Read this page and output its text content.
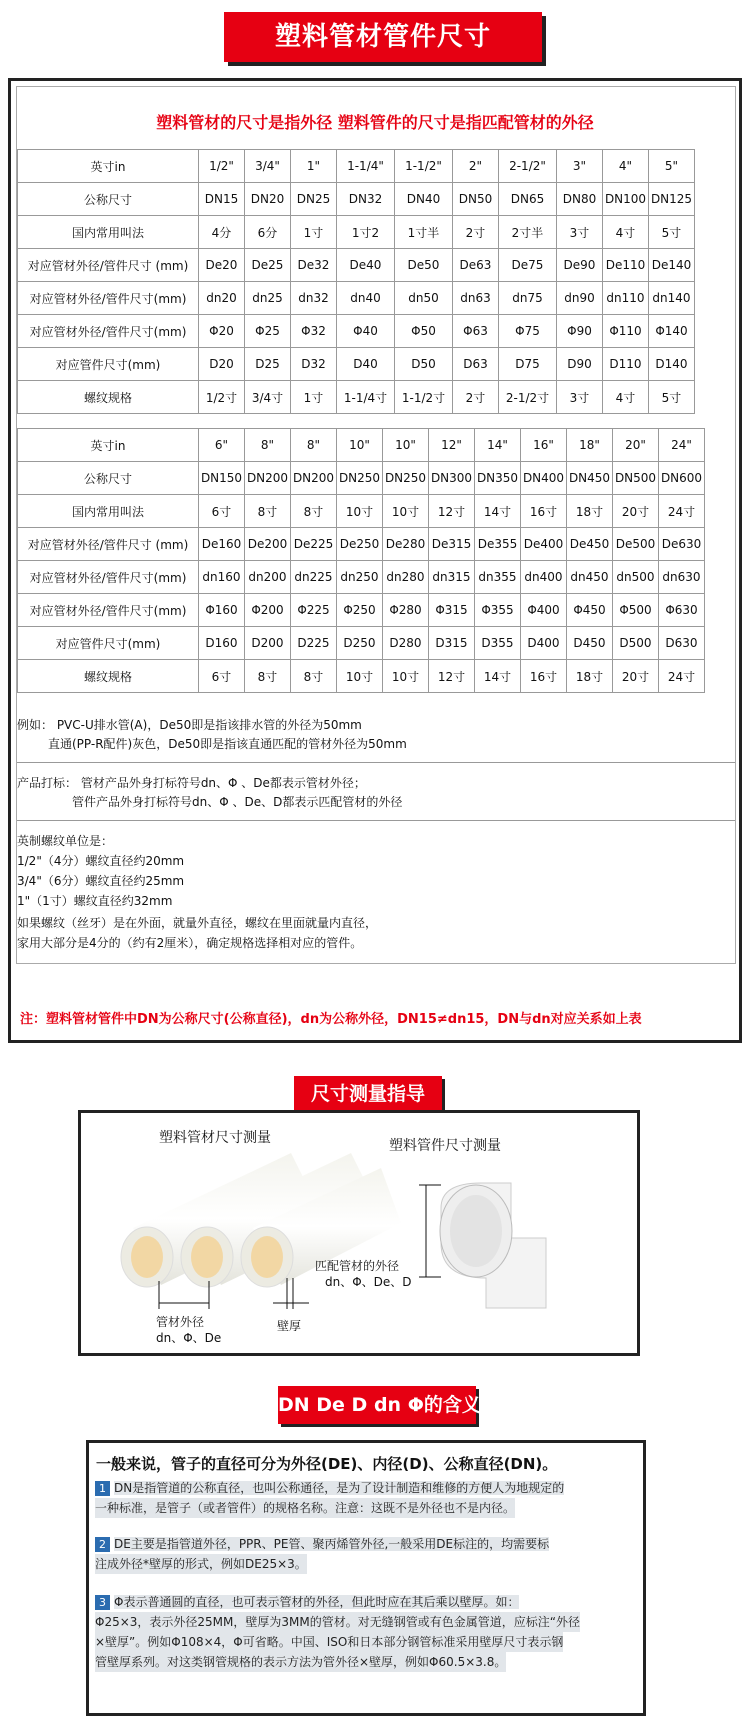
塑料管材管件尺寸
塑料管材的尺寸是指外径 塑料管件的尺寸是指匹配管材的外径
英寸in	1/2"	3/4"	1"	1-1/4"	1-1/2"	2"	2-1/2"	3"	4"	5"
公称尺寸	DN15	DN20	DN25	DN32	DN40	DN50	DN65	DN80	DN100	DN125
国内常用叫法	4分	6分	1寸	1寸2	1寸半	2寸	2寸半	3寸	4寸	5寸
对应管材外径/管件尺寸 (mm)	De20	De25	De32	De40	De50	De63	De75	De90	De110	De140
对应管材外径/管件尺寸(mm)	dn20	dn25	dn32	dn40	dn50	dn63	dn75	dn90	dn110	dn140
对应管材外径/管件尺寸(mm)	Φ20	Φ25	Φ32	Φ40	Φ50	Φ63	Φ75	Φ90	Φ110	Φ140
对应管件尺寸(mm)	D20	D25	D32	D40	D50	D63	D75	D90	D110	D140
螺纹规格	1/2寸	3/4寸	1寸	1-1/4寸	1-1/2寸	2寸	2-1/2寸	3寸	4寸	5寸
英寸in	6"	8"	8"	10"	10"	12"	14"	16"	18"	20"	24"
公称尺寸	DN150	DN200	DN200	DN250	DN250	DN300	DN350	DN400	DN450	DN500	DN600
国内常用叫法	6寸	8寸	8寸	10寸	10寸	12寸	14寸	16寸	18寸	20寸	24寸
对应管材外径/管件尺寸 (mm)	De160	De200	De225	De250	De280	De315	De355	De400	De450	De500	De630
对应管材外径/管件尺寸(mm)	dn160	dn200	dn225	dn250	dn280	dn315	dn355	dn400	dn450	dn500	dn630
对应管材外径/管件尺寸(mm)	Φ160	Φ200	Φ225	Φ250	Φ280	Φ315	Φ355	Φ400	Φ450	Φ500	Φ630
对应管件尺寸(mm)	D160	D200	D225	D250	D280	D315	D355	D400	D450	D500	D630
螺纹规格	6寸	8寸	8寸	10寸	10寸	12寸	14寸	16寸	18寸	20寸	24寸
例如： PVC-U排水管(A)，De50即是指该排水管的外径为50mm
直通(PP-R配件)灰色，De50即是指该直通匹配的管材外径为50mm
产品打标： 管材产品外身打标符号dn、Φ 、De都表示管材外径；
管件产品外身打标符号dn、Φ 、De、D都表示匹配管材的外径
英制螺纹单位是：
1/2"（4分）螺纹直径约20mm
3/4"（6分）螺纹直径约25mm
1"（1寸）螺纹直径约32mm
如果螺纹（丝牙）是在外面，就量外直径，螺纹在里面就量内直径，
家用大部分是4分的（约有2厘米），确定规格选择相对应的管件。
注：塑料管材管件中DN为公称尺寸(公称直径)，dn为公称外径，DN15≠dn15，DN与dn对应关系如上表
尺寸测量指导
塑料管材尺寸测量	塑料管件尺寸测量
管材外径
dn、Φ、De
壁厚
匹配管材的外径
dn、Φ、De、D
DN De D dn Φ的含义
一般来说，管子的直径可分为外径(DE)、内径(D)、公称直径(DN)。
1 DN是指管道的公称直径，也叫公称通径，是为了设计制造和维修的方便人为地规定的
一种标准，是管子（或者管件）的规格名称。注意：这既不是外径也不是内径。
2 DE主要是指管道外径，PPR、PE管、聚丙烯管外径,一般采用DE标注的，均需要标
注成外径*壁厚的形式，例如DE25×3。
3 Φ表示普通圆的直径，也可表示管材的外径，但此时应在其后乘以壁厚。如：
Φ25×3，表示外径25MM，壁厚为3MM的管材。对无缝钢管或有色金属管道，应标注“外径 ×壁厚”。例如Φ108×4，Φ可省略。中国、ISO和日本部分钢管标准采用壁厚尺寸表示钢 管壁厚系列。对这类钢管规格的表示方法为管外径×壁厚，例如Φ60.5×3.8。
